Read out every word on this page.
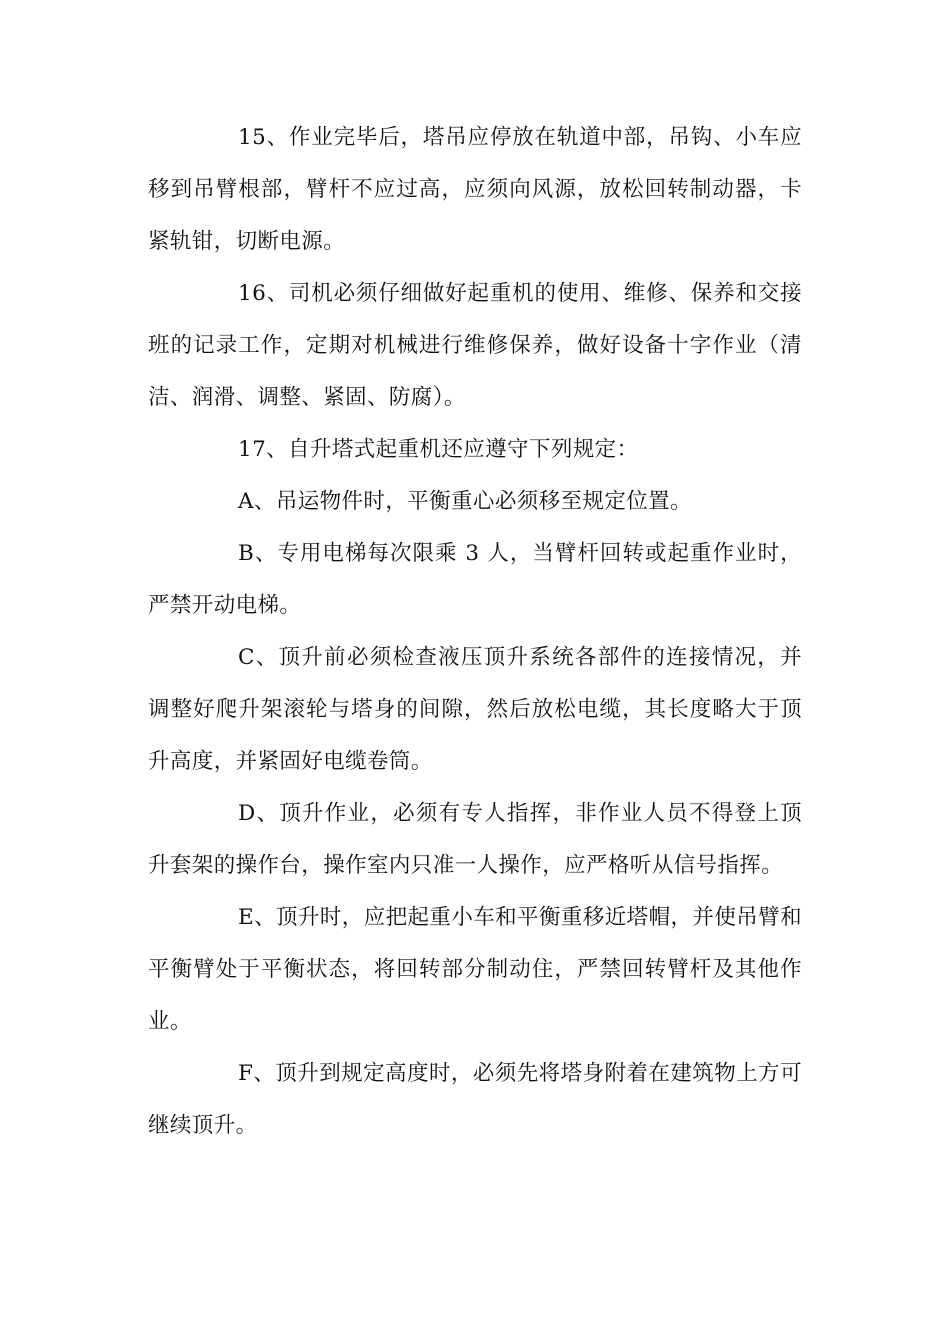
15、作业完毕后，塔吊应停放在轨道中部，吊钩、小车应移到吊臂根部，臂杆不应过高，应须向风源，放松回转制动器，卡紧轨钳，切断电源。

16、司机必须仔细做好起重机的使用、维修、保养和交接班的记录工作，定期对机械进行维修保养，做好设备十字作业（清洁、润滑、调整、紧固、防腐）。

17、自升塔式起重机还应遵守下列规定：

A、吊运物件时，平衡重心必须移至规定位置。

B、专用电梯每次限乘 3 人，当臂杆回转或起重作业时，严禁开动电梯。

C、顶升前必须检查液压顶升系统各部件的连接情况，并调整好爬升架滚轮与塔身的间隙，然后放松电缆，其长度略大于顶升高度，并紧固好电缆卷筒。

D、顶升作业，必须有专人指挥，非作业人员不得登上顶升套架的操作台，操作室内只准一人操作，应严格听从信号指挥。

E、顶升时，应把起重小车和平衡重移近塔帽，并使吊臂和平衡臂处于平衡状态，将回转部分制动住，严禁回转臂杆及其他作业。

F、顶升到规定高度时，必须先将塔身附着在建筑物上方可继续顶升。
